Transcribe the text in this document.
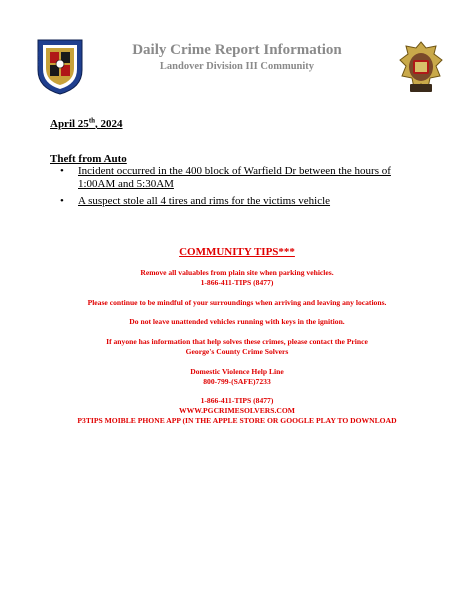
POLICE
Daily Crime Report Information
Landover Division III Community
April 25th, 2024
Theft from Auto
• Incident occurred in the 400 block of Warfield Dr between the hours of 1:00AM and 5:30AM
• A suspect stole all 4 tires and rims for the victims vehicle
COMMUNITY TIPS***

Remove all valuables from plain site when parking vehicles.

1-866-411-TIPS (8477)

Please continue to be mindful of your surroundings when arriving and leaving any locations.

Do not leave unattended vehicles running with keys in the ignition.

If anyone has information that help solves these crimes, please contact the Prince

George's County Crime Solvers

Domestic Violence Help Line

800-799-(SAFE)7233

1-866-411-TIPS (8477)

WWW.PGCRIMESOLVERS.COM

P3TIPS MOIBLE PHONE APP (IN THE APPLE STORE OR GOOGLE PLAY TO DOWNLOAD
